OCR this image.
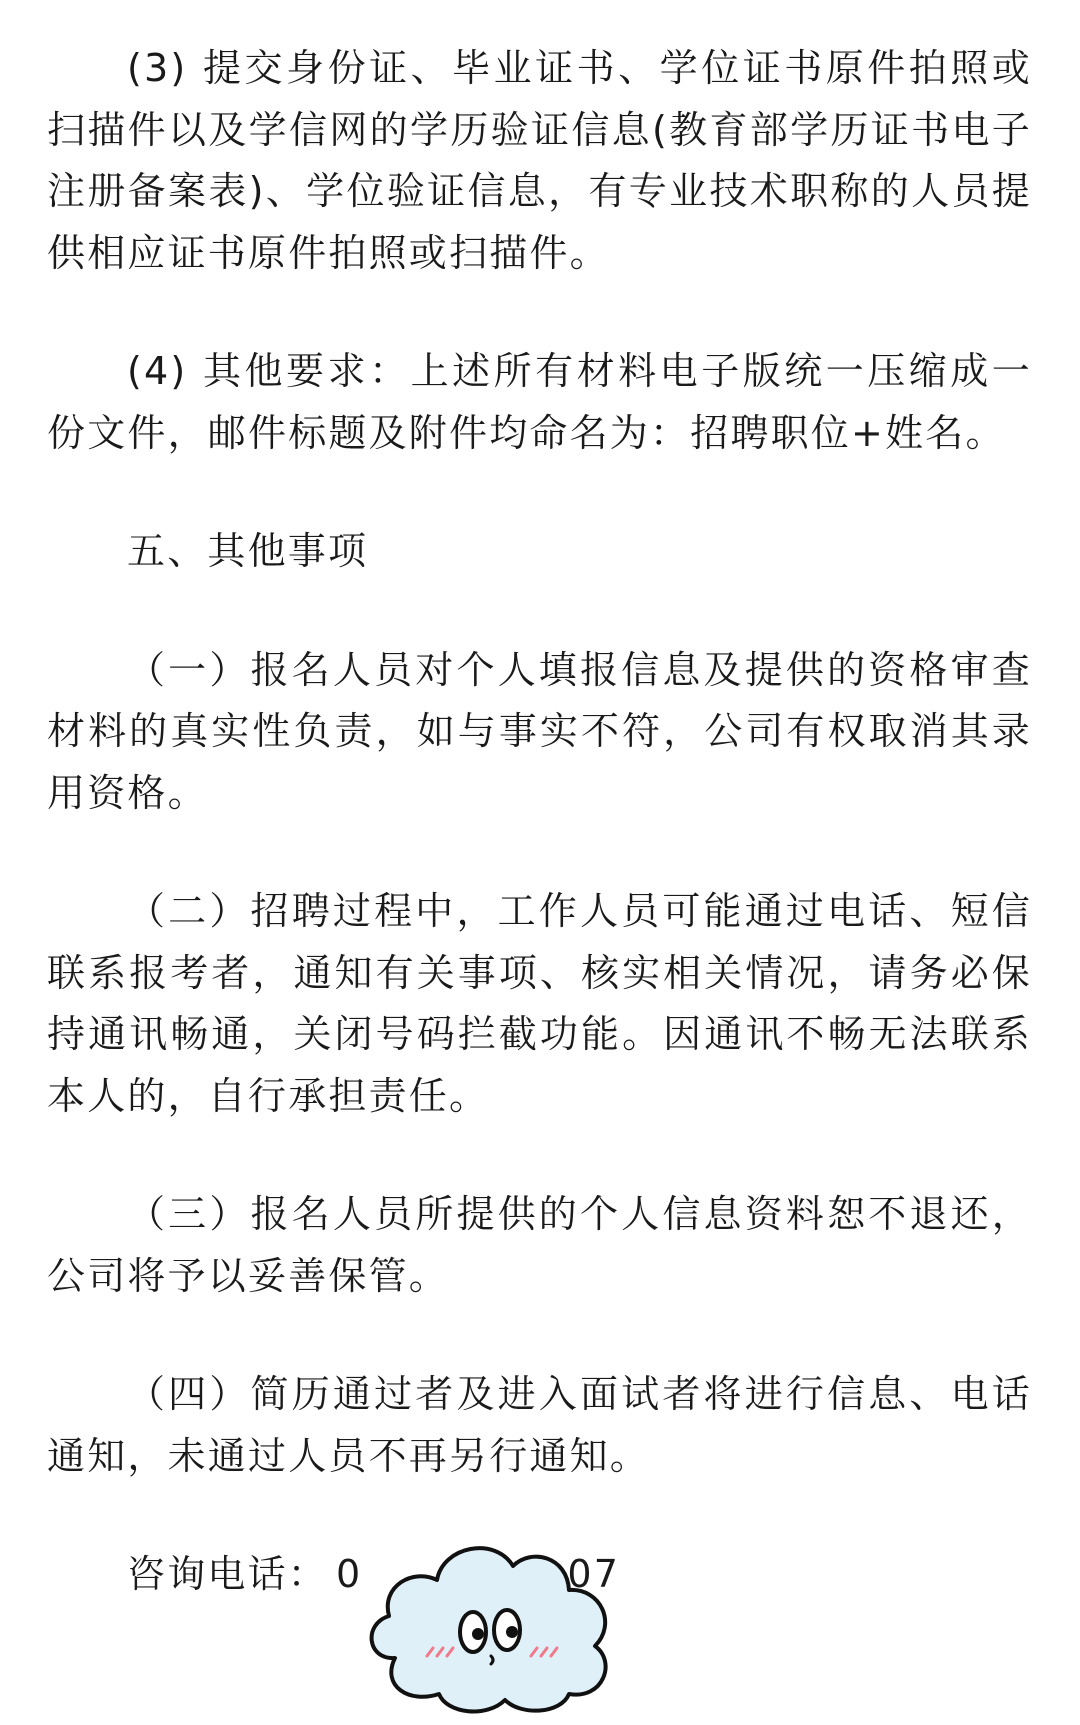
(3) 提交身份证、毕业证书、学位证书原件拍照或扫描件以及学信网的学历验证信息(教育部学历证书电子注册备案表)、学位验证信息，有专业技术职称的人员提供相应证书原件拍照或扫描件。

(4) 其他要求：上述所有材料电子版统一压缩成一份文件，邮件标题及附件均命名为：招聘职位+姓名。

五、其他事项

（一）报名人员对个人填报信息及提供的资格审查材料的真实性负责，如与事实不符，公司有权取消其录用资格。

（二）招聘过程中，工作人员可能通过电话、短信联系报考者，通知有关事项、核实相关情况，请务必保持通讯畅通，关闭号码拦截功能。因通讯不畅无法联系本人的，自行承担责任。

（三）报名人员所提供的个人信息资料恕不退还，公司将予以妥善保管。

（四）简历通过者及进入面试者将进行信息、电话通知，未通过人员不再另行通知。

咨询电话： 0	07
